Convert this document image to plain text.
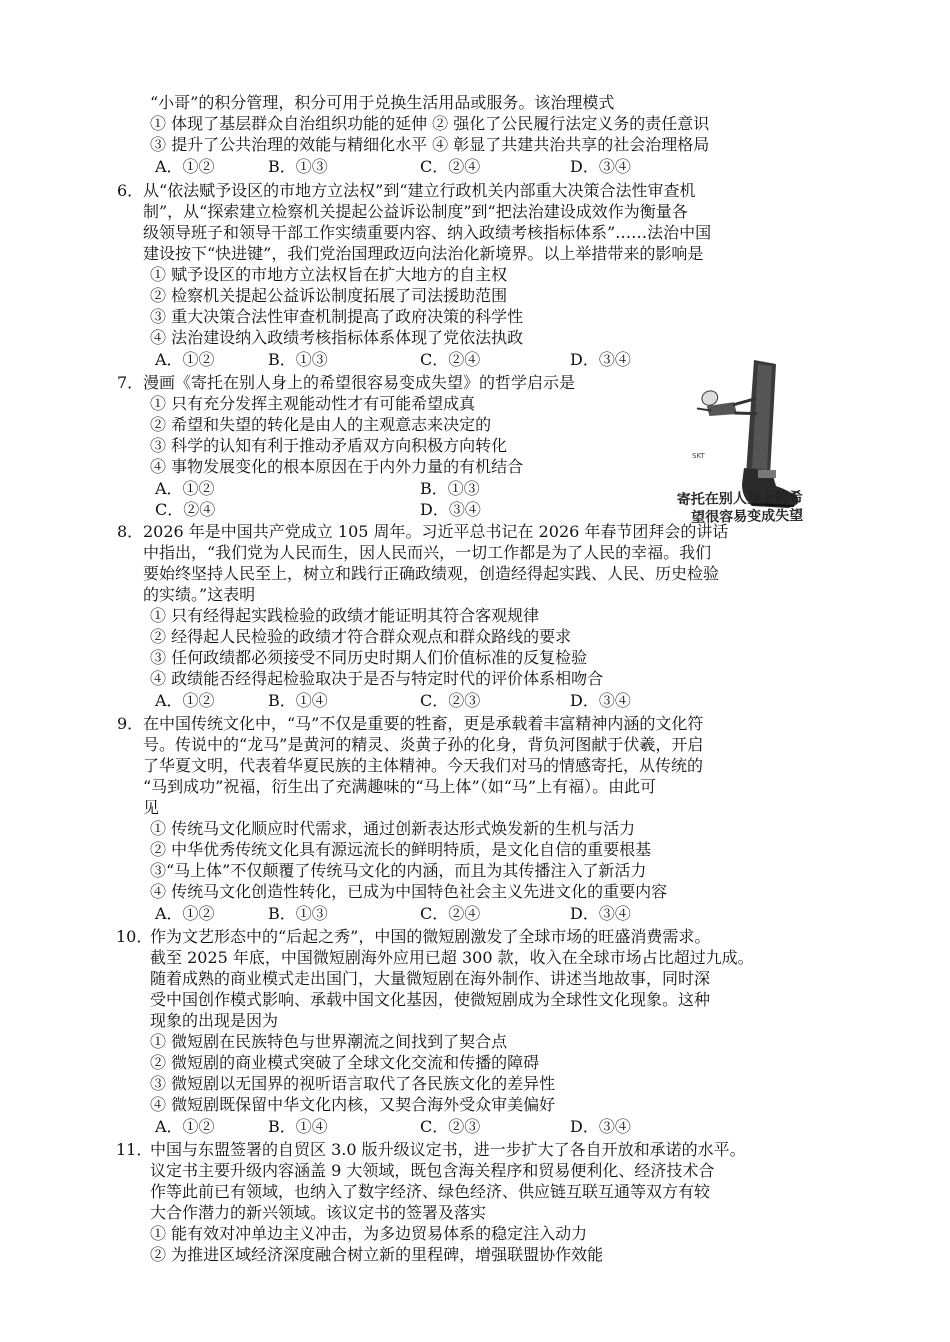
“小哥”的积分管理，积分可用于兑换生活用品或服务。该治理模式
① 体现了基层群众自治组织功能的延伸 ② 强化了公民履行法定义务的责任意识
③ 提升了公共治理的效能与精细化水平 ④ 彰显了共建共治共享的社会治理格局
A．①②	B．①③	C．②④	D．③④
6． 从“依法赋予设区的市地方立法权”到“建立行政机关内部重大决策合法性审查机
制”，从“探索建立检察机关提起公益诉讼制度”到“把法治建设成效作为衡量各
级领导班子和领导干部工作实绩重要内容、纳入政绩考核指标体系”……法治中国
建设按下“快进键”，我们党治国理政迈向法治化新境界。以上举措带来的影响是
① 赋予设区的市地方立法权旨在扩大地方的自主权
② 检察机关提起公益诉讼制度拓展了司法援助范围
③ 重大决策合法性审查机制提高了政府决策的科学性
④ 法治建设纳入政绩考核指标体系体现了党依法执政
A．①②	B．①③	C．②④	D．③④
7． 漫画《寄托在别人身上的希望很容易变成失望》的哲学启示是
① 只有充分发挥主观能动性才有可能希望成真
② 希望和失望的转化是由人的主观意志来决定的
③ 科学的认知有利于推动矛盾双方向积极方向转化
④ 事物发展变化的根本原因在于内外力量的有机结合
A．①②	B．①③
C．②④	D．③④
8． 2026 年是中国共产党成立 105 周年。习近平总书记在 2026 年春节团拜会的讲话
中指出，“我们党为人民而生，因人民而兴，一切工作都是为了人民的幸福。我们
要始终坚持人民至上，树立和践行正确政绩观，创造经得起实践、人民、历史检验
的实绩。”这表明
① 只有经得起实践检验的政绩才能证明其符合客观规律
② 经得起人民检验的政绩才符合群众观点和群众路线的要求
③ 任何政绩都必须接受不同历史时期人们价值标准的反复检验
④ 政绩能否经得起检验取决于是否与特定时代的评价体系相吻合
A．①②	B．①④	C．②③	D．③④
9． 在中国传统文化中，“马”不仅是重要的牲畜，更是承载着丰富精神内涵的文化符
号。传说中的“龙马”是黄河的精灵、炎黄子孙的化身，背负河图献于伏羲，开启
了华夏文明，代表着华夏民族的主体精神。今天我们对马的情感寄托，从传统的
“马到成功”祝福，衍生出了充满趣味的“马上体”（如“马”上有福）。由此可
见
① 传统马文化顺应时代需求，通过创新表达形式焕发新的生机与活力
② 中华优秀传统文化具有源远流长的鲜明特质，是文化自信的重要根基
③“马上体”不仅颠覆了传统马文化的内涵，而且为其传播注入了新活力
④ 传统马文化创造性转化，已成为中国特色社会主义先进文化的重要内容
A．①②	B．①③	C．②④	D．③④
10．
作为文艺形态中的“后起之秀”，中国的微短剧激发了全球市场的旺盛消费需求。
截至 2025 年底，中国微短剧海外应用已超 300 款，收入在全球市场占比超过九成。
随着成熟的商业模式走出国门，大量微短剧在海外制作、讲述当地故事，同时深
受中国创作模式影响、承载中国文化基因，使微短剧成为全球性文化现象。这种
现象的出现是因为
① 微短剧在民族特色与世界潮流之间找到了契合点
② 微短剧的商业模式突破了全球文化交流和传播的障碍
③ 微短剧以无国界的视听语言取代了各民族文化的差异性
④ 微短剧既保留中华文化内核，又契合海外受众审美偏好
A．①②	B．①④	C．②③	D．③④
11．
中国与东盟签署的自贸区 3.0 版升级议定书，进一步扩大了各自开放和承诺的水平。
议定书主要升级内容涵盖 9 大领域，既包含海关程序和贸易便利化、经济技术合
作等此前已有领域，也纳入了数字经济、绿色经济、供应链互联互通等双方有较
大合作潜力的新兴领域。该议定书的签署及落实
① 能有效对冲单边主义冲击，为多边贸易体系的稳定注入动力
② 为推进区域经济深度融合树立新的里程碑，增强联盟协作效能
SKT
寄托在别人身上的希
望很容易变成失望
